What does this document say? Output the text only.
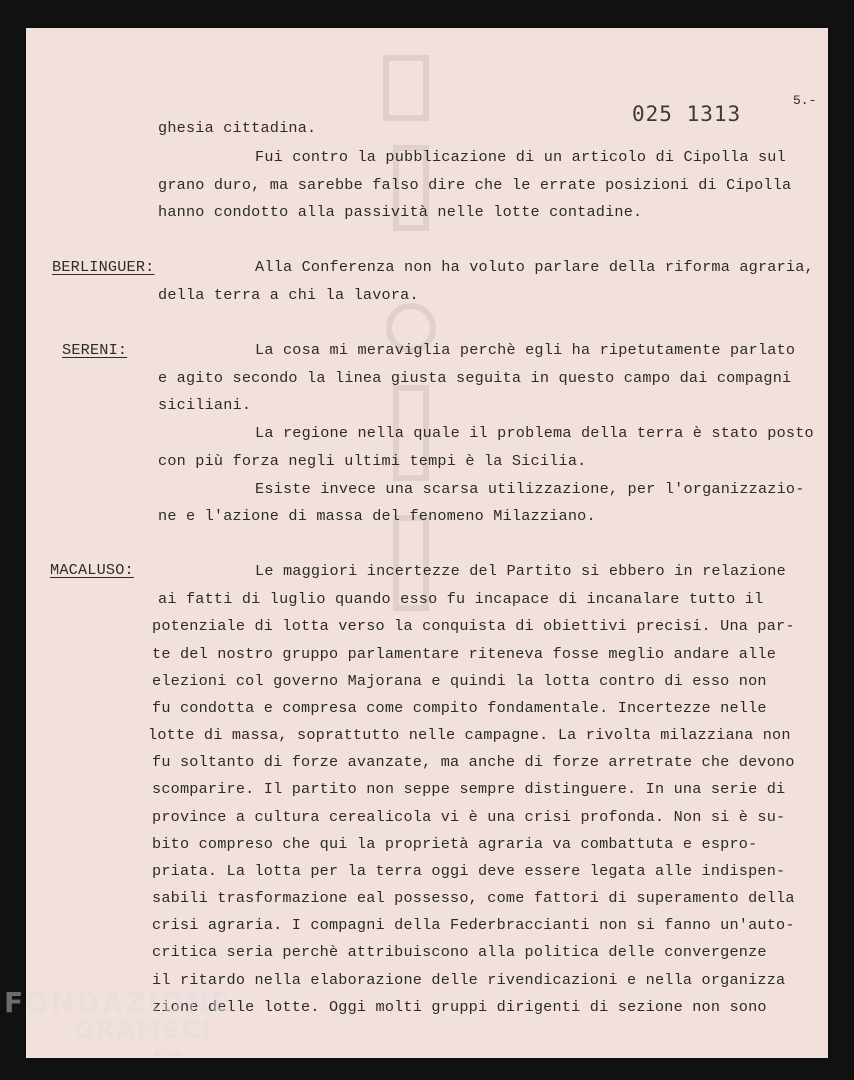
025 1313

5.-

ghesia cittadina.

Fui contro la pubblicazione di un articolo di Cipolla sul

grano duro, ma sarebbe falso dire che le errate posizioni di Cipolla

hanno condotto alla passività nelle lotte contadine.

BERLINGUER:	Alla Conferenza non ha voluto parlare della riforma agraria,

della terra a chi la lavora.

SERENI:	La cosa mi meraviglia perchè egli ha ripetutamente parlato

e agito secondo la linea giusta seguita in questo campo dai compagni

siciliani.

La regione nella quale il problema della terra è stato posto

con più forza negli ultimi tempi è la Sicilia.

Esiste invece una scarsa utilizzazione, per l'organizzazio-

ne e l'azione di massa del fenomeno Milazziano.

MACALUSO:	Le maggiori incertezze del Partito si ebbero in relazione

ai fatti di luglio quando esso fu incapace di incanalare tutto il

potenziale di lotta verso la conquista di obiettivi precisi. Una par-

te del nostro gruppo parlamentare riteneva fosse meglio andare alle

elezioni col governo Majorana e quindi la lotta contro di esso non

fu condotta e compresa come compito fondamentale. Incertezze nelle

lotte di massa, soprattutto nelle campagne. La rivolta milazziana non

fu soltanto di forze avanzate, ma anche di forze arretrate che devono

scomparire. Il partito non seppe sempre distinguere. In una serie di

province a cultura cerealicola vi è una crisi profonda. Non si è su-

bito compreso che qui la proprietà agraria va combattuta e espro-

priata. La lotta per la terra oggi deve essere legata alle indispen-

sabili trasformazione eal possesso, come fattori di superamento della

crisi agraria. I compagni della Federbraccianti non si fanno un'auto-

critica seria perchè attribuiscono alla politica delle convergenze

il ritardo nella elaborazione delle rivendicazioni e nella organizza

zione delle lotte. Oggi molti gruppi dirigenti di sezione non sono

FONDAZIONE

GRAMSCI

onlus
